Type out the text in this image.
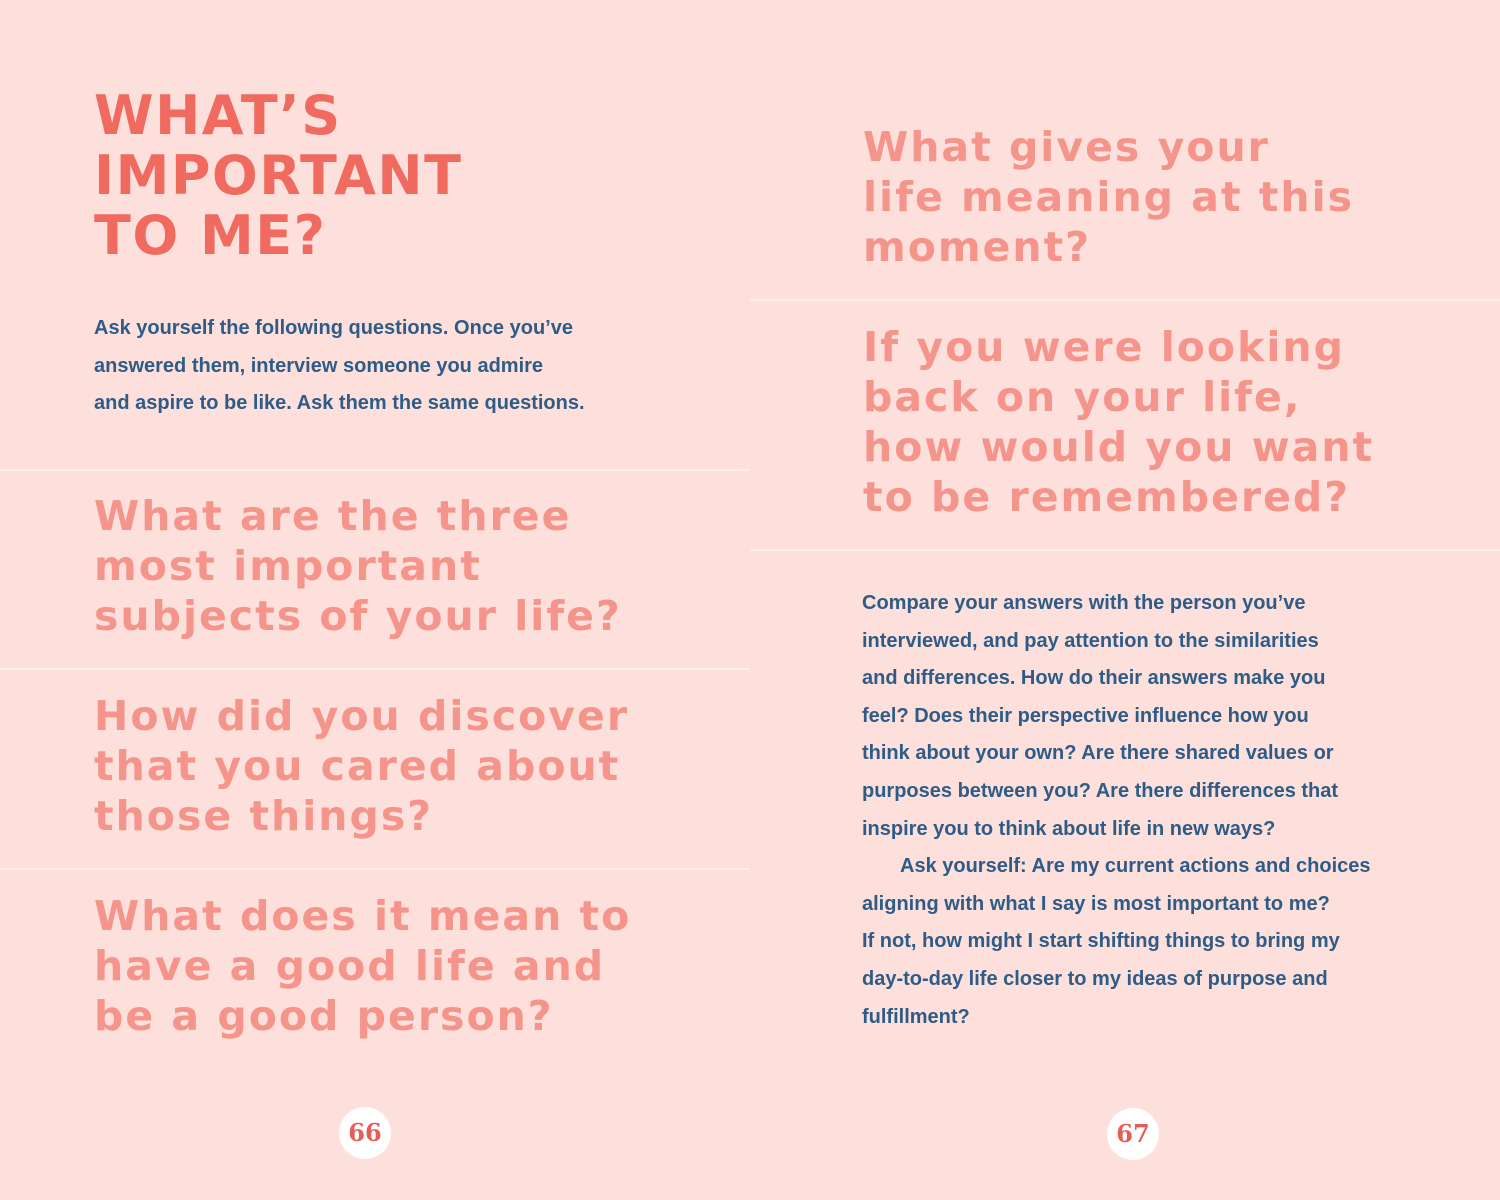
WHAT’S
IMPORTANT
TO ME?

Ask yourself the following questions. Once you’ve
answered them, interview someone you admire
and aspire to be like. Ask them the same questions.

What are the three
most important
subjects of your life?
How did you discover
that you cared about
those things?
What does it mean to
have a good life and
be a good person?
66	67
What gives your
life meaning at this
moment?
If you were looking
back on your life,
how would you want
to be remembered?
Compare your answers with the person you’ve
interviewed, and pay attention to the similarities
and differences. How do their answers make you
feel? Does their perspective influence how you
think about your own? Are there shared values or
purposes between you? Are there differences that
inspire you to think about life in new ways?
Ask yourself: Are my current actions and choices
aligning with what I say is most important to me?
If not, how might I start shifting things to bring my
day-to-day life closer to my ideas of purpose and
fulfillment?
